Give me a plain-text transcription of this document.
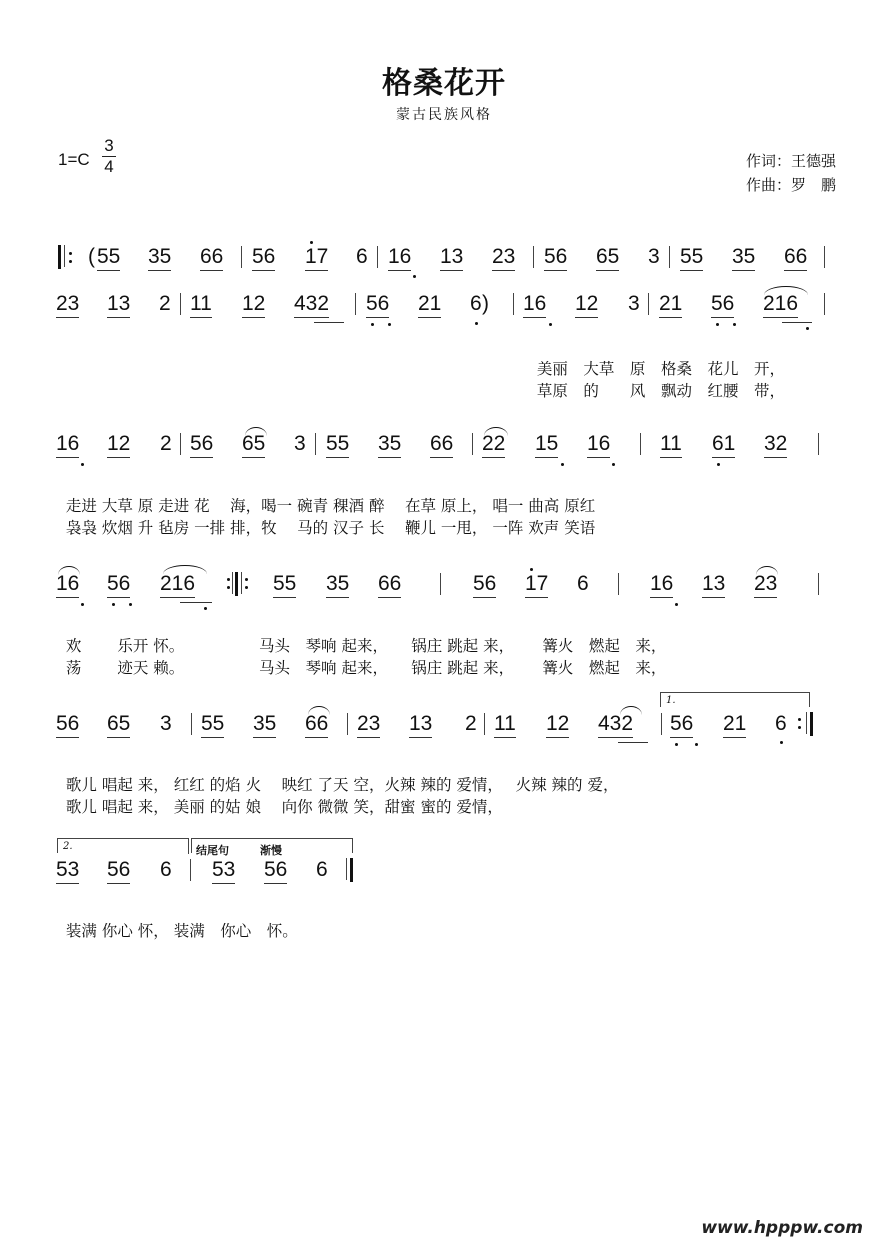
格桑花开
蒙古民族风格
1=C
3
4	作词：王德强
作曲：罗　鹏
( 55 35 66 56 17 6 16 13 23 56 65 3 55 35 66
23 13 2 11 12 432 56 21 6 ) 16 12 3 21 56 216

美丽　 大草　 原　 格桑　 花儿　 开，

草原　 的　　 风　 飘动　 红腰　 带，

16 12 2 56 65 3 55 35 66 22 15 16 11 61 32

走进 大草 原 走进 花　 海，喝一 碗青 稞酒 醉　 在草 原上， 唱一 曲高 原红

袅袅 炊烟 升 毡房 一排 排，牧　 马的 汉子 长　 鞭儿 一甩， 一阵 欢声 笑语

16 56 216	55 35 66	56 17 6	16 13 23

欢　　 乐开 怀。　　　　　	马头　 琴响 起来，　　 锅庄 跳起 来，　　 篝火　 燃起　 来，

荡　　 迹天 赖。　　　　　	马头　 琴响 起来，　　 锅庄 跳起 来，　　 篝火　 燃起　 来，

1.
56 65 3 55 35 66 23 13 2 11 12 432 56 21 6

歌儿 唱起 来， 红红 的焰 火　 映红 了天 空，火辣 辣的 爱情，　 火辣 辣的 爱，

歌儿 唱起 来， 美丽 的姑 娘　 向你 微微 笑，甜蜜 蜜的 爱情，

2.	结尾句	渐慢
53 56 6 53 56 6

装满 你心 怀， 装满　 你心　 怀。

www.hpppw.com
